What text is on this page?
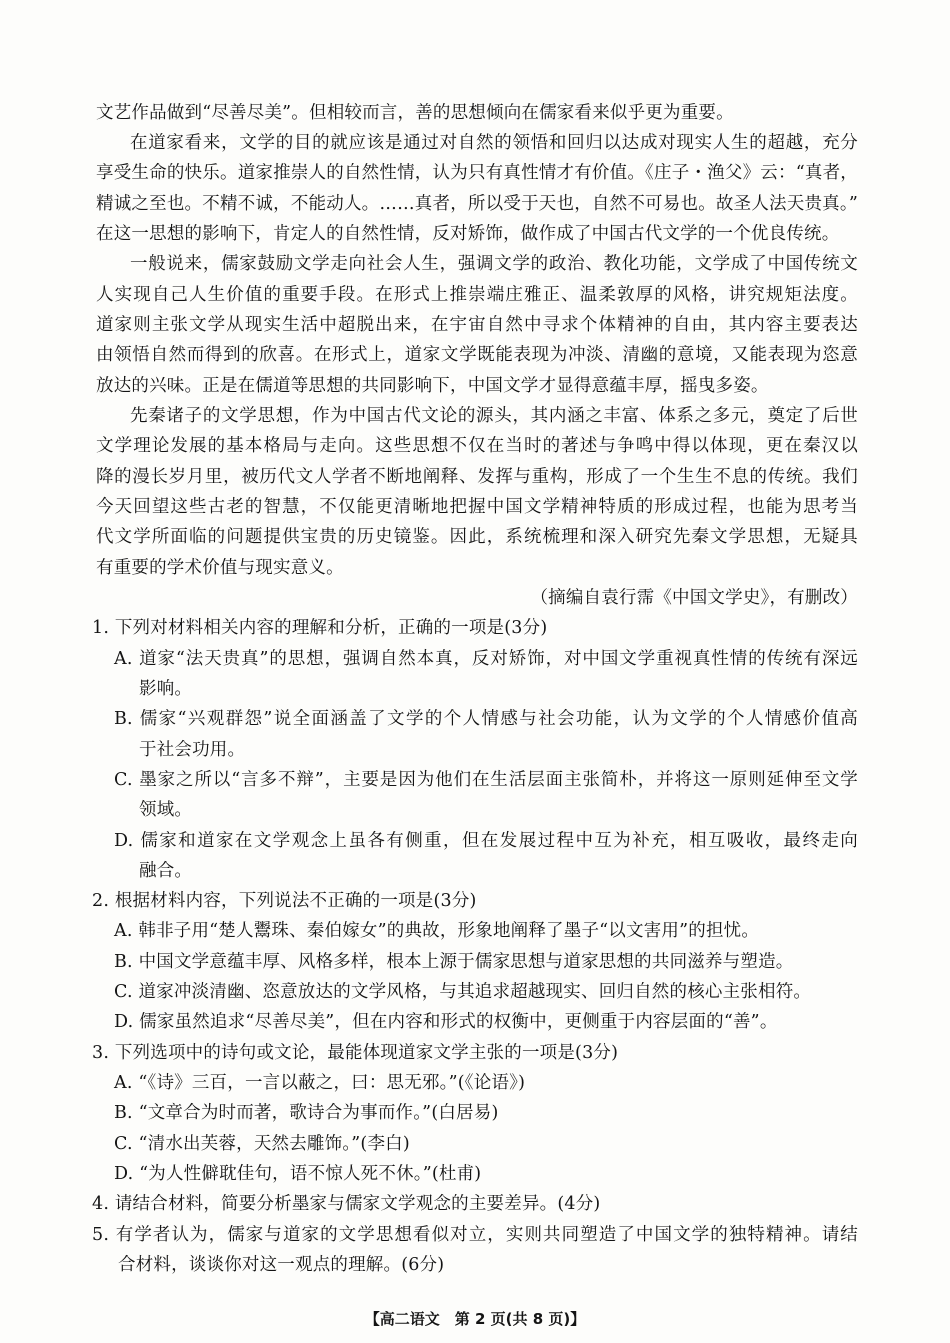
文艺作品做到“尽善尽美”。但相较而言，善的思想倾向在儒家看来似乎更为重要。
在道家看来，文学的目的就应该是通过对自然的领悟和回归以达成对现实人生的超越，充分
享受生命的快乐。道家推崇人的自然性情，认为只有真性情才有价值。《庄子・渔父》云：“真者，
精诚之至也。不精不诚，不能动人。……真者，所以受于天也，自然不可易也。故圣人法天贵真。”
在这一思想的影响下，肯定人的自然性情，反对矫饰，做作成了中国古代文学的一个优良传统。
一般说来，儒家鼓励文学走向社会人生，强调文学的政治、教化功能，文学成了中国传统文
人实现自己人生价值的重要手段。在形式上推崇端庄雅正、温柔敦厚的风格，讲究规矩法度。
道家则主张文学从现实生活中超脱出来，在宇宙自然中寻求个体精神的自由，其内容主要表达
由领悟自然而得到的欣喜。在形式上，道家文学既能表现为冲淡、清幽的意境，又能表现为恣意
放达的兴味。正是在儒道等思想的共同影响下，中国文学才显得意蕴丰厚，摇曳多姿。
先秦诸子的文学思想，作为中国古代文论的源头，其内涵之丰富、体系之多元，奠定了后世
文学理论发展的基本格局与走向。这些思想不仅在当时的著述与争鸣中得以体现，更在秦汉以
降的漫长岁月里，被历代文人学者不断地阐释、发挥与重构，形成了一个生生不息的传统。我们
今天回望这些古老的智慧，不仅能更清晰地把握中国文学精神特质的形成过程，也能为思考当
代文学所面临的问题提供宝贵的历史镜鉴。因此，系统梳理和深入研究先秦文学思想，无疑具
有重要的学术价值与现实意义。
（摘编自袁行霈《中国文学史》，有删改）
1. 下列对材料相关内容的理解和分析，正确的一项是(3分)
A. 道家“法天贵真”的思想，强调自然本真，反对矫饰，对中国文学重视真性情的传统有深远
影响。
B. 儒家“兴观群怨”说全面涵盖了文学的个人情感与社会功能，认为文学的个人情感价值高
于社会功用。
C. 墨家之所以“言多不辩”，主要是因为他们在生活层面主张简朴，并将这一原则延伸至文学
领域。
D. 儒家和道家在文学观念上虽各有侧重，但在发展过程中互为补充，相互吸收，最终走向
融合。
2. 根据材料内容，下列说法不正确的一项是(3分)
A. 韩非子用“楚人鬻珠、秦伯嫁女”的典故，形象地阐释了墨子“以文害用”的担忧。
B. 中国文学意蕴丰厚、风格多样，根本上源于儒家思想与道家思想的共同滋养与塑造。
C. 道家冲淡清幽、恣意放达的文学风格，与其追求超越现实、回归自然的核心主张相符。
D. 儒家虽然追求“尽善尽美”，但在内容和形式的权衡中，更侧重于内容层面的“善”。
3. 下列选项中的诗句或文论，最能体现道家文学主张的一项是(3分)
A. “《诗》三百，一言以蔽之，曰：思无邪。”(《论语》)
B. “文章合为时而著，歌诗合为事而作。”(白居易)
C. “清水出芙蓉，天然去雕饰。”(李白)
D. “为人性僻耽佳句，语不惊人死不休。”(杜甫)
4. 请结合材料，简要分析墨家与儒家文学观念的主要差异。(4分)
5. 有学者认为，儒家与道家的文学思想看似对立，实则共同塑造了中国文学的独特精神。请结
合材料，谈谈你对这一观点的理解。(6分)
【高二语文　第 2 页(共 8 页)】
